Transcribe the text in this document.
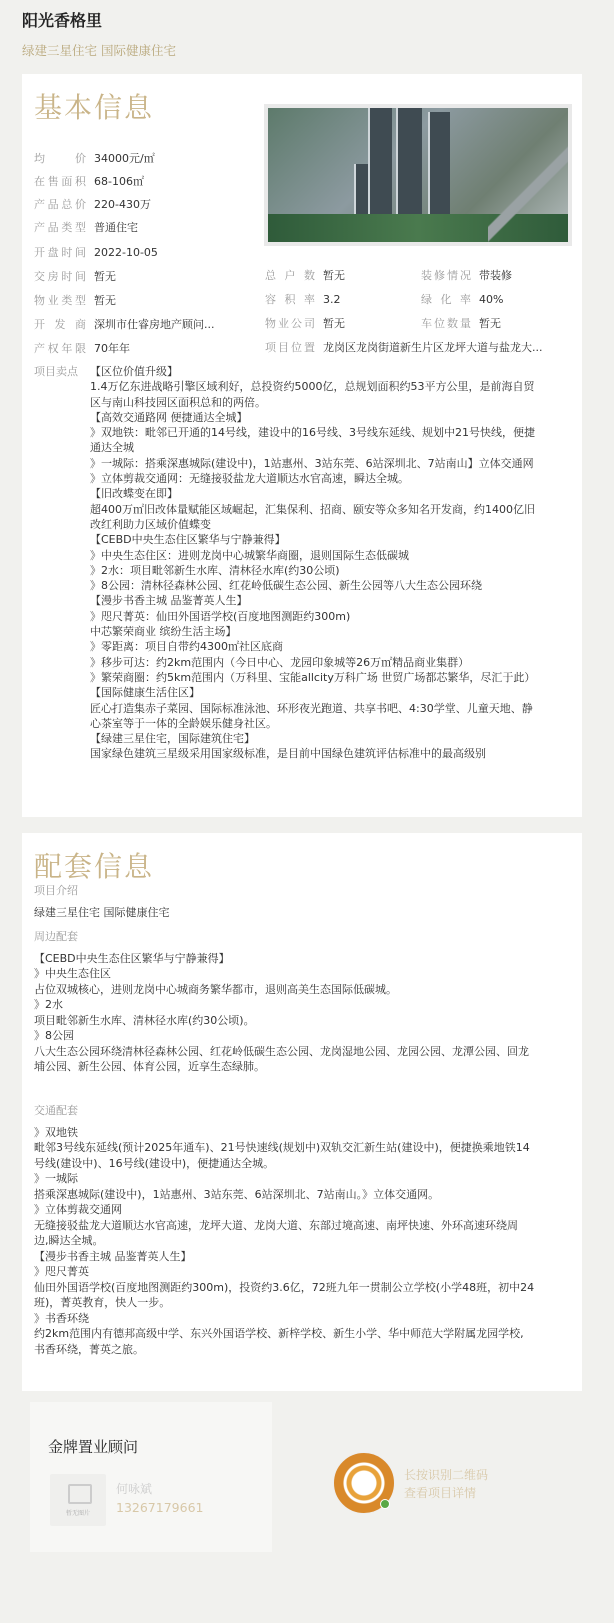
阳光香格里
绿建三星住宅 国际健康住宅
基本信息
均价 34000元/㎡
在售面积 68-106㎡
产品总价 220-430万
产品类型 普通住宅
开盘时间 2022-10-05
交房时间 暂无
物业类型 暂无
开发商 深圳市仕睿房地产顾问...
产权年限 70年年
总户数 暂无	装修情况 带装修
容积率 3.2	绿化率 40%
物业公司 暂无	车位数量 暂无
项目位置 龙岗区龙岗街道新生片区龙坪大道与盐龙大...
项目卖点 【区位价值升级】
1.4万亿东进战略引擎区域利好，总投资约5000亿，总规划面积约53平方公里，是前海自贸
区与南山科技园区面积总和的两倍。
【高效交通路网 便捷通达全城】
》双地铁：毗邻已开通的14号线，建设中的16号线、3号线东延线、规划中21号快线，便捷
通达全城
》一城际：搭乘深惠城际(建设中)，1站惠州、3站东莞、6站深圳北、7站南山】立体交通网
》立体剪裁交通网：无缝接驳盐龙大道顺达水官高速，瞬达全城。
【旧改蝶变在即】
超400万㎡旧改体量赋能区域崛起，汇集保利、招商、颐安等众多知名开发商，约1400亿旧
改红利助力区域价值蝶变
【CEBD中央生态住区繁华与宁静兼得】
》中央生态住区：进则龙岗中心城繁华商圈，退则国际生态低碳城
》2水：项目毗邻新生水库、清林径水库(约30公顷)
》8公园：清林径森林公园、红花岭低碳生态公园、新生公园等八大生态公园环绕
【漫步书香主城 品鉴菁英人生】
》咫尺菁英：仙田外国语学校(百度地图测距约300m)
中芯繁荣商业 缤纷生活主场】
》零距离：项目自带约4300㎡社区底商
》移步可达：约2km范围内（今日中心、龙园印象城等26万㎡精品商业集群）
》繁荣商圈：约5km范围内（万科里、宝能allcity万科广场 世贸广场都芯繁华，尽汇于此）
【国际健康生活住区】
匠心打造集赤子菜园、国际标准泳池、环形夜光跑道、共享书吧、4:30学堂、儿童天地、静
心茶室等于一体的全龄娱乐健身社区。
【绿建三星住宅，国际建筑住宅】
国家绿色建筑三星级采用国家级标准，是目前中国绿色建筑评估标准中的最高级别
配套信息
项目介绍
绿建三星住宅 国际健康住宅
周边配套
【CEBD中央生态住区繁华与宁静兼得】
》中央生态住区
占位双城核心，进则龙岗中心城商务繁华都市，退则高美生态国际低碳城。
》2水
项目毗邻新生水库、清林径水库(约30公顷)。
》8公园
八大生态公园环绕清林径森林公园、红花岭低碳生态公园、龙岗湿地公园、龙园公园、龙潭公园、回龙
埔公园、新生公园、体育公园，近享生态绿肺。
交通配套
》双地铁
毗邻3号线东延线(预计2025年通车)、21号快速线(规划中)双轨交汇新生站(建设中)，便捷换乘地铁14
号线(建设中)、16号线(建设中)，便捷通达全城。
》一城际
搭乘深惠城际(建设中)，1站惠州、3站东莞、6站深圳北、7站南山。》立体交通网。
》立体剪裁交通网
无缝接驳盐龙大道顺达水官高速，龙坪大道、龙岗大道、东部过境高速、南坪快速、外环高速环绕周
边,瞬达全城。
【漫步书香主城 品鉴菁英人生】
》咫尺菁英
仙田外国语学校(百度地图测距约300m)，投资约3.6亿，72班九年一贯制公立学校(小学48班，初中24
班)，菁英教育，快人一步。
》书香环绕
约2km范围内有德邦高级中学、东兴外国语学校、新梓学校、新生小学、华中师范大学附属龙园学校,
书香环绕，菁英之旅。
金牌置业顾问
暂无图片
何咏斌
13267179661
长按识别二维码
查看项目详情
